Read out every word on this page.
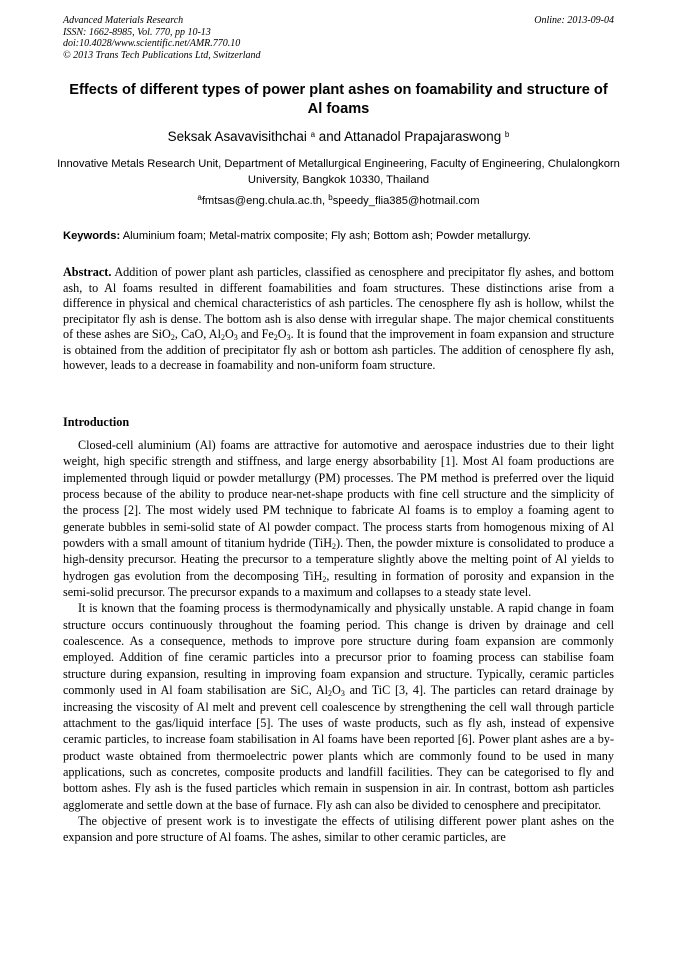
Advanced Materials Research
ISSN: 1662-8985, Vol. 770, pp 10-13
doi:10.4028/www.scientific.net/AMR.770.10
© 2013 Trans Tech Publications Ltd, Switzerland
Online: 2013-09-04
Effects of different types of power plant ashes on foamability and structure of Al foams
Seksak Asavavisithchai $^a$ and Attanadol Prapajaraswong $^b$
Innovative Metals Research Unit, Department of Metallurgical Engineering, Faculty of Engineering, Chulalongkorn University, Bangkok 10330, Thailand
$^a$fmtsas@eng.chula.ac.th, $^b$speedy_flia385@hotmail.com
Keywords: Aluminium foam; Metal-matrix composite; Fly ash; Bottom ash; Powder metallurgy.
Abstract. Addition of power plant ash particles, classified as cenosphere and precipitator fly ashes, and bottom ash, to Al foams resulted in different foamabilities and foam structures. These distinctions arise from a difference in physical and chemical characteristics of ash particles. The cenosphere fly ash is hollow, whilst the precipitator fly ash is dense. The bottom ash is also dense with irregular shape. The major chemical constituents of these ashes are SiO$_2$, CaO, $Al_2O_3$ and $Fe_2O_3$. It is found that the improvement in foam expansion and structure is obtained from the addition of precipitator fly ash or bottom ash particles. The addition of cenosphere fly ash, however, leads to a decrease in foamability and non-uniform foam structure.
Introduction

Closed-cell aluminium (Al) foams are attractive for automotive and aerospace industries due to their light weight, high specific strength and stiffness, and large energy absorbability [1]. Most Al foam productions are implemented through liquid or powder metallurgy (PM) processes. The PM method is preferred over the liquid process because of the ability to produce near-net-shape products with fine cell structure and the simplicity of the process [2]. The most widely used PM technique to fabricate Al foams is to employ a foaming agent to generate bubbles in semi-solid state of Al powder compact. The process starts from homogenous mixing of Al powders with a small amount of titanium hydride (TiH$_2$). Then, the powder mixture is consolidated to produce a high-density precursor. Heating the precursor to a temperature slightly above the melting point of Al yields to hydrogen gas evolution from the decomposing TiH$_2$, resulting in formation of porosity and expansion in the semi-solid precursor. The precursor expands to a maximum and collapses to a steady state level.

It is known that the foaming process is thermodynamically and physically unstable. A rapid change in foam structure occurs continuously throughout the foaming period. This change is driven by drainage and cell coalescence. As a consequence, methods to improve pore structure during foam expansion are commonly employed. Addition of fine ceramic particles into a precursor prior to foaming process can stabilise foam structure during expansion, resulting in improving foam expansion and structure. Typically, ceramic particles commonly used in Al foam stabilisation are SiC, $Al_2O_3$ and TiC [3, 4]. The particles can retard drainage by increasing the viscosity of Al melt and prevent cell coalescence by strengthening the cell wall through particle attachment to the gas/liquid interface [5]. The uses of waste products, such as fly ash, instead of expensive ceramic particles, to increase foam stabilisation in Al foams have been reported [6]. Power plant ashes are a by-product waste obtained from thermoelectric power plants which are commonly found to be used in many applications, such as concretes, composite products and landfill facilities. They can be categorised to fly and bottom ashes. Fly ash is the fused particles which remain in suspension in air. In contrast, bottom ash particles agglomerate and settle down at the base of furnace. Fly ash can also be divided to cenosphere and precipitator.

The objective of present work is to investigate the effects of utilising different power plant ashes on the expansion and pore structure of Al foams. The ashes, similar to other ceramic particles, are
